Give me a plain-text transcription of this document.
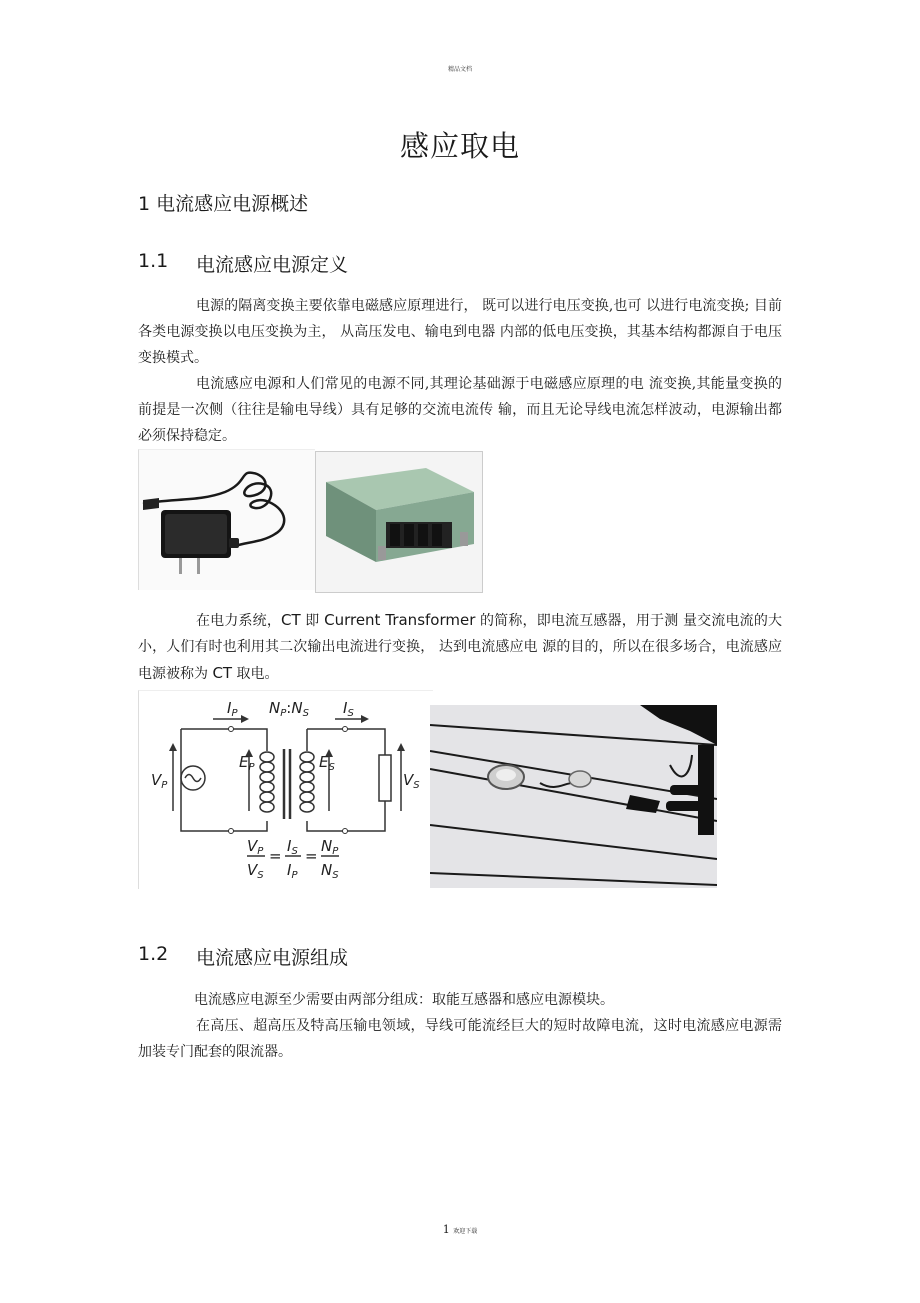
精品文档
感应取电
1 电流感应电源概述
1.1 电流感应电源定义

电源的隔离变换主要依靠电磁感应原理进行， 既可以进行电压变换,也可 以进行电流变换; 目前各类电源变换以电压变换为主， 从高压发电、输电到电器 内部的低电压变换，其基本结构都源自于电压变换模式。

电流感应电源和人们常见的电源不同,其理论基础源于电磁感应原理的电 流变换,其能量变换的前提是一次侧（往往是输电导线）具有足够的交流电流传 输，而且无论导线电流怎样波动，电源输出都必须保持稳定。

在电力系统，CT 即 Current Transformer 的简称，即电流互感器，用于测 量交流电流的大小，人们有时也利用其二次输出电流进行变换， 达到电流感应电 源的目的，所以在很多场合，电流感应电源被称为 CT 取电。

$I_P$ $N_P:N_S$ $I_S$
$V_P$
$E_P$	$E_S$
$V_S$
$V_P$
$V_S$
=
$I_S$
$I_P$
=
$N_P$
$N_S$
1.2 电流感应电源组成

电流感应电源至少需要由两部分组成：取能互感器和感应电源模块。

在高压、超高压及特高压输电领域，导线可能流经巨大的短时故障电流，这时电流感应电源需加装专门配套的限流器。

1 欢迎下载
